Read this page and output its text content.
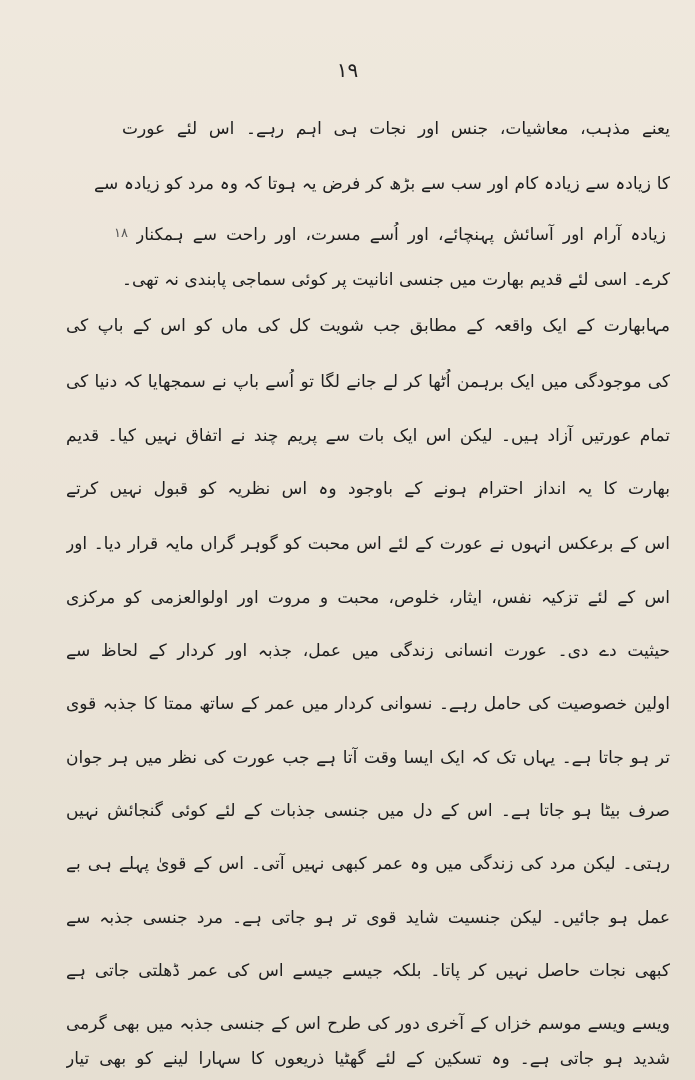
١٩
١٨
یعنے مذہب، معاشیات، جنس اور نجات ہی اہم رہے۔ اس لئے عورت
کا زیادہ سے زیادہ کام اور سب سے بڑھ کر فرض یہ ہوتا کہ وہ مرد کو زیادہ سے
زیادہ آرام اور آسائش پہنچائے، اور اُسے مسرت، اور راحت سے ہمکنار
کرے۔ اسی لئے قدیم بھارت میں جنسی انانیت پر کوئی سماجی پابندی نہ تھی۔
مہابھارت کے ایک واقعہ کے مطابق جب شویت کل کی ماں کو اس کے باپ کی
کی موجودگی میں ایک برہمن اُٹھا کر لے جانے لگا تو اُسے باپ نے سمجھایا کہ دنیا کی
تمام عورتیں آزاد ہیں۔ لیکن اس ایک بات سے پریم چند نے اتفاق نہیں کیا۔ قدیم
بھارت کا یہ انداز احترام ہونے کے باوجود وہ اس نظریہ کو قبول نہیں کرتے
اس کے برعکس انہوں نے عورت کے لئے اس محبت کو گوہر گراں مایہ قرار دیا۔ اور
اس کے لئے تزکیہ نفس، ایثار، خلوص، محبت و مروت اور اولوالعزمی کو مرکزی
حیثیت دے دی۔ عورت انسانی زندگی میں عمل، جذبہ اور کردار کے لحاظ سے
اولین خصوصیت کی حامل رہے۔ نسوانی کردار میں عمر کے ساتھ ممتا کا جذبہ قوی
تر ہو جاتا ہے۔ یہاں تک کہ ایک ایسا وقت آتا ہے جب عورت کی نظر میں ہر جوان
صرف بیٹا ہو جاتا ہے۔ اس کے دل میں جنسی جذبات کے لئے کوئی گنجائش نہیں
رہتی۔ لیکن مرد کی زندگی میں وہ عمر کبھی نہیں آتی۔ اس کے قویٰ پہلے ہی بے
عمل ہو جائیں۔ لیکن جنسیت شاید قوی تر ہو جاتی ہے۔ مرد جنسی جذبہ سے
کبھی نجات حاصل نہیں کر پاتا۔ بلکہ جیسے جیسے اس کی عمر ڈھلتی جاتی ہے
ویسے ویسے موسم خزاں کے آخری دور کی طرح اس کے جنسی جذبہ میں بھی گرمی
شدید ہو جاتی ہے۔ وہ تسکین کے لئے گھٹیا ذریعوں کا سہارا لینے کو بھی تیار
